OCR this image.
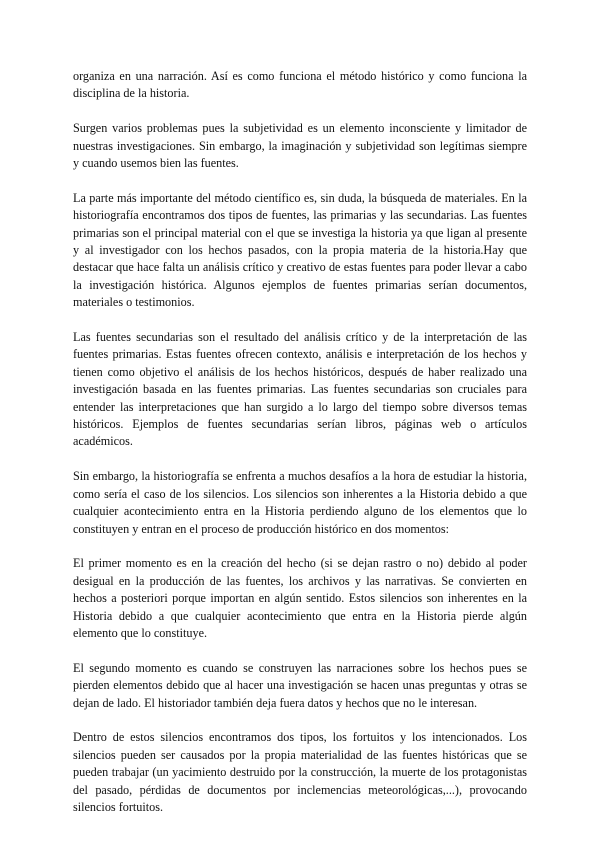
organiza en una narración. Así es como funciona el método histórico y como funciona la disciplina de la historia.

Surgen varios problemas pues la subjetividad es un elemento inconsciente y limitador de nuestras investigaciones. Sin embargo, la imaginación y subjetividad son legítimas siempre y cuando usemos bien las fuentes.

La parte más importante del método científico es, sin duda, la búsqueda de materiales. En la historiografía encontramos dos tipos de fuentes, las primarias y las secundarias. Las fuentes primarias son el principal material con el que se investiga la historia ya que ligan al presente y al investigador con los hechos pasados, con la propia materia de la historia.Hay que destacar que hace falta un análisis crítico y creativo de estas fuentes para poder llevar a cabo la investigación histórica. Algunos ejemplos de fuentes primarias serían documentos, materiales o testimonios.

Las fuentes secundarias son el resultado del análisis crítico y de la interpretación de las fuentes primarias. Estas fuentes ofrecen contexto, análisis e interpretación de los hechos y tienen como objetivo el análisis de los hechos históricos, después de haber realizado una investigación basada en las fuentes primarias. Las fuentes secundarias son cruciales para entender las interpretaciones que han surgido a lo largo del tiempo sobre diversos temas históricos. Ejemplos de fuentes secundarias serían libros, páginas web o artículos académicos.

Sin embargo, la historiografía se enfrenta a muchos desafíos a la hora de estudiar la historia, como sería el caso de los silencios. Los silencios son inherentes a la Historia debido a que cualquier acontecimiento entra en la Historia perdiendo alguno de los elementos que lo constituyen y entran en el proceso de producción histórico en dos momentos:

El primer momento es en la creación del hecho (si se dejan rastro o no) debido al poder desigual en la producción de las fuentes, los archivos y las narrativas. Se convierten en hechos a posteriori porque importan en algún sentido. Estos silencios son inherentes en la Historia debido a que cualquier acontecimiento que entra en la Historia pierde algún elemento que lo constituye.

El segundo momento es cuando se construyen las narraciones sobre los hechos pues se pierden elementos debido que al hacer una investigación se hacen unas preguntas y otras se dejan de lado. El historiador también deja fuera datos y hechos que no le interesan.

Dentro de estos silencios encontramos dos tipos, los fortuitos y los intencionados. Los silencios pueden ser causados por la propia materialidad de las fuentes históricas que se pueden trabajar (un yacimiento destruido por la construcción, la muerte de los protagonistas del pasado, pérdidas de documentos por inclemencias meteorológicas,...), provocando silencios fortuitos.
